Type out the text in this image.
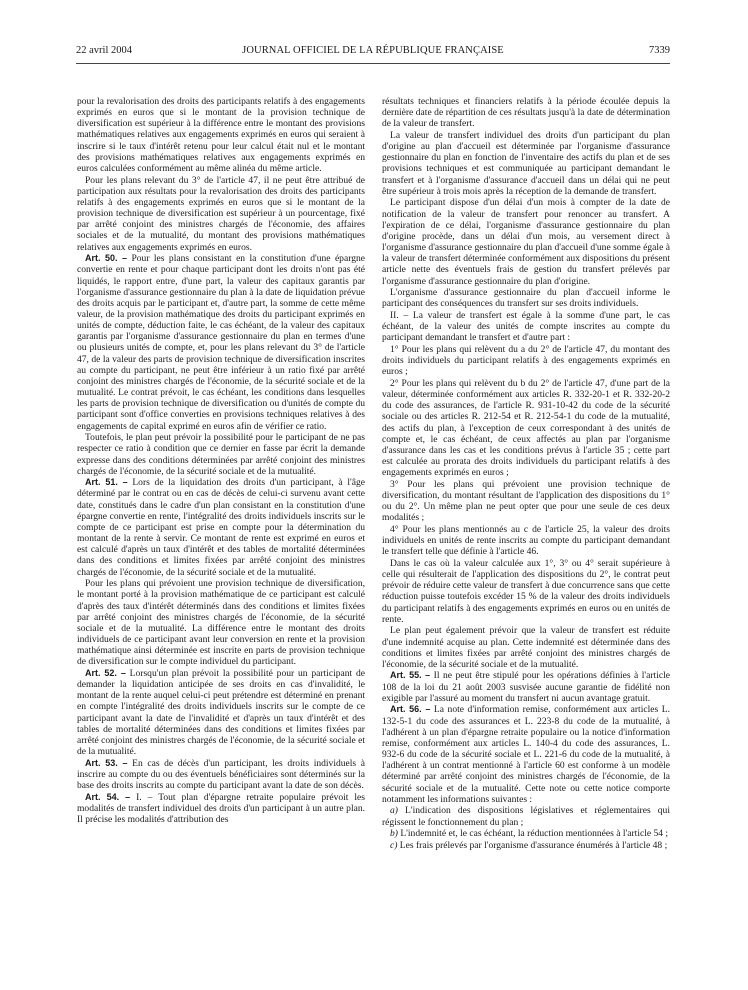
22 avril 2004	JOURNAL OFFICIEL DE LA RÉPUBLIQUE FRANÇAISE	7339

pour la revalorisation des droits des participants relatifs à des engagements exprimés en euros que si le montant de la provision technique de diversification est supérieur à la différence entre le montant des provisions mathématiques relatives aux engagements exprimés en euros qui seraient à inscrire si le taux d'intérêt retenu pour leur calcul était nul et le montant des provisions mathématiques relatives aux engagements exprimés en euros calculées conformément au même alinéa du même article.

Pour les plans relevant du 3° de l'article 47, il ne peut être attribué de participation aux résultats pour la revalorisation des droits des participants relatifs à des engagements exprimés en euros que si le montant de la provision technique de diversification est supérieur à un pourcentage, fixé par arrêté conjoint des ministres chargés de l'économie, des affaires sociales et de la mutualité, du montant des provisions mathématiques relatives aux engagements exprimés en euros.

Art. 50. – Pour les plans consistant en la constitution d'une épargne convertie en rente et pour chaque participant dont les droits n'ont pas été liquidés, le rapport entre, d'une part, la valeur des capitaux garantis par l'organisme d'assurance gestionnaire du plan à la date de liquidation prévue des droits acquis par le participant et, d'autre part, la somme de cette même valeur, de la provision mathématique des droits du participant exprimés en unités de compte, déduction faite, le cas échéant, de la valeur des capitaux garantis par l'organisme d'assurance gestionnaire du plan en termes d'une ou plusieurs unités de compte, et, pour les plans relevant du 3° de l'article 47, de la valeur des parts de provision technique de diversification inscrites au compte du participant, ne peut être inférieur à un ratio fixé par arrêté conjoint des ministres chargés de l'économie, de la sécurité sociale et de la mutualité. Le contrat prévoit, le cas échéant, les conditions dans lesquelles les parts de provision technique de diversification ou d'unités de compte du participant sont d'office converties en provisions techniques relatives à des engagements de capital exprimé en euros afin de vérifier ce ratio.

Toutefois, le plan peut prévoir la possibilité pour le participant de ne pas respecter ce ratio à condition que ce dernier en fasse par écrit la demande expresse dans des conditions déterminées par arrêté conjoint des ministres chargés de l'économie, de la sécurité sociale et de la mutualité.

Art. 51. – Lors de la liquidation des droits d'un participant, à l'âge déterminé par le contrat ou en cas de décès de celui-ci survenu avant cette date, constitués dans le cadre d'un plan consistant en la constitution d'une épargne convertie en rente, l'intégralité des droits individuels inscrits sur le compte de ce participant est prise en compte pour la détermination du montant de la rente à servir. Ce montant de rente est exprimé en euros et est calculé d'après un taux d'intérêt et des tables de mortalité déterminées dans des conditions et limites fixées par arrêté conjoint des ministres chargés de l'économie, de la sécurité sociale et de la mutualité.

Pour les plans qui prévoient une provision technique de diversification, le montant porté à la provision mathématique de ce participant est calculé d'après des taux d'intérêt déterminés dans des conditions et limites fixées par arrêté conjoint des ministres chargés de l'économie, de la sécurité sociale et de la mutualité. La différence entre le montant des droits individuels de ce participant avant leur conversion en rente et la provision mathématique ainsi déterminée est inscrite en parts de provision technique de diversification sur le compte individuel du participant.

Art. 52. – Lorsqu'un plan prévoit la possibilité pour un participant de demander la liquidation anticipée de ses droits en cas d'invalidité, le montant de la rente auquel celui-ci peut prétendre est déterminé en prenant en compte l'intégralité des droits individuels inscrits sur le compte de ce participant avant la date de l'invalidité et d'après un taux d'intérêt et des tables de mortalité déterminées dans des conditions et limites fixées par arrêté conjoint des ministres chargés de l'économie, de la sécurité sociale et de la mutualité.

Art. 53. – En cas de décès d'un participant, les droits individuels à inscrire au compte du ou des éventuels bénéficiaires sont déterminés sur la base des droits inscrits au compte du participant avant la date de son décès.

Art. 54. – I. – Tout plan d'épargne retraite populaire prévoit les modalités de transfert individuel des droits d'un participant à un autre plan. Il précise les modalités d'attribution des

résultats techniques et financiers relatifs à la période écoulée depuis la dernière date de répartition de ces résultats jusqu'à la date de détermination de la valeur de transfert.

La valeur de transfert individuel des droits d'un participant du plan d'origine au plan d'accueil est déterminée par l'organisme d'assurance gestionnaire du plan en fonction de l'inventaire des actifs du plan et de ses provisions techniques et est communiquée au participant demandant le transfert et à l'organisme d'assurance d'accueil dans un délai qui ne peut être supérieur à trois mois après la réception de la demande de transfert.

Le participant dispose d'un délai d'un mois à compter de la date de notification de la valeur de transfert pour renoncer au transfert. A l'expiration de ce délai, l'organisme d'assurance gestionnaire du plan d'origine procède, dans un délai d'un mois, au versement direct à l'organisme d'assurance gestionnaire du plan d'accueil d'une somme égale à la valeur de transfert déterminée conformément aux dispositions du présent article nette des éventuels frais de gestion du transfert prélevés par l'organisme d'assurance gestionnaire du plan d'origine.

L'organisme d'assurance gestionnaire du plan d'accueil informe le participant des conséquences du transfert sur ses droits individuels.

II. – La valeur de transfert est égale à la somme d'une part, le cas échéant, de la valeur des unités de compte inscrites au compte du participant demandant le transfert et d'autre part :

1° Pour les plans qui relèvent du a du 2° de l'article 47, du montant des droits individuels du participant relatifs à des engagements exprimés en euros ;

2° Pour les plans qui relèvent du b du 2° de l'article 47, d'une part de la valeur, déterminée conformément aux articles R. 332-20-1 et R. 332-20-2 du code des assurances, de l'article R. 931-10-42 du code de la sécurité sociale ou des articles R. 212-54 et R. 212-54-1 du code de la mutualité, des actifs du plan, à l'exception de ceux correspondant à des unités de compte et, le cas échéant, de ceux affectés au plan par l'organisme d'assurance dans les cas et les conditions prévus à l'article 35 ; cette part est calculée au prorata des droits individuels du participant relatifs à des engagements exprimés en euros ;

3° Pour les plans qui prévoient une provision technique de diversification, du montant résultant de l'application des dispositions du 1° ou du 2°. Un même plan ne peut opter que pour une seule de ces deux modalités ;

4° Pour les plans mentionnés au c de l'article 25, la valeur des droits individuels en unités de rente inscrits au compte du participant demandant le transfert telle que définie à l'article 46.

Dans le cas où la valeur calculée aux 1°, 3° ou 4° serait supérieure à celle qui résulterait de l'application des dispositions du 2°, le contrat peut prévoir de réduire cette valeur de transfert à due concurrence sans que cette réduction puisse toutefois excéder 15 % de la valeur des droits individuels du participant relatifs à des engagements exprimés en euros ou en unités de rente.

Le plan peut également prévoir que la valeur de transfert est réduite d'une indemnité acquise au plan. Cette indemnité est déterminée dans des conditions et limites fixées par arrêté conjoint des ministres chargés de l'économie, de la sécurité sociale et de la mutualité.

Art. 55. – Il ne peut être stipulé pour les opérations définies à l'article 108 de la loi du 21 août 2003 susvisée aucune garantie de fidélité non exigible par l'assuré au moment du transfert ni aucun avantage gratuit.

Art. 56. – La note d'information remise, conformément aux articles L. 132-5-1 du code des assurances et L. 223-8 du code de la mutualité, à l'adhérent à un plan d'épargne retraite populaire ou la notice d'information remise, conformément aux articles L. 140-4 du code des assurances, L. 932-6 du code de la sécurité sociale et L. 221-6 du code de la mutualité, à l'adhérent à un contrat mentionné à l'article 60 est conforme à un modèle déterminé par arrêté conjoint des ministres chargés de l'économie, de la sécurité sociale et de la mutualité. Cette note ou cette notice comporte notamment les informations suivantes :

a) L'indication des dispositions législatives et réglementaires qui régissent le fonctionnement du plan ;

b) L'indemnité et, le cas échéant, la réduction mentionnées à l'article 54 ;

c) Les frais prélevés par l'organisme d'assurance énumérés à l'article 48 ;
